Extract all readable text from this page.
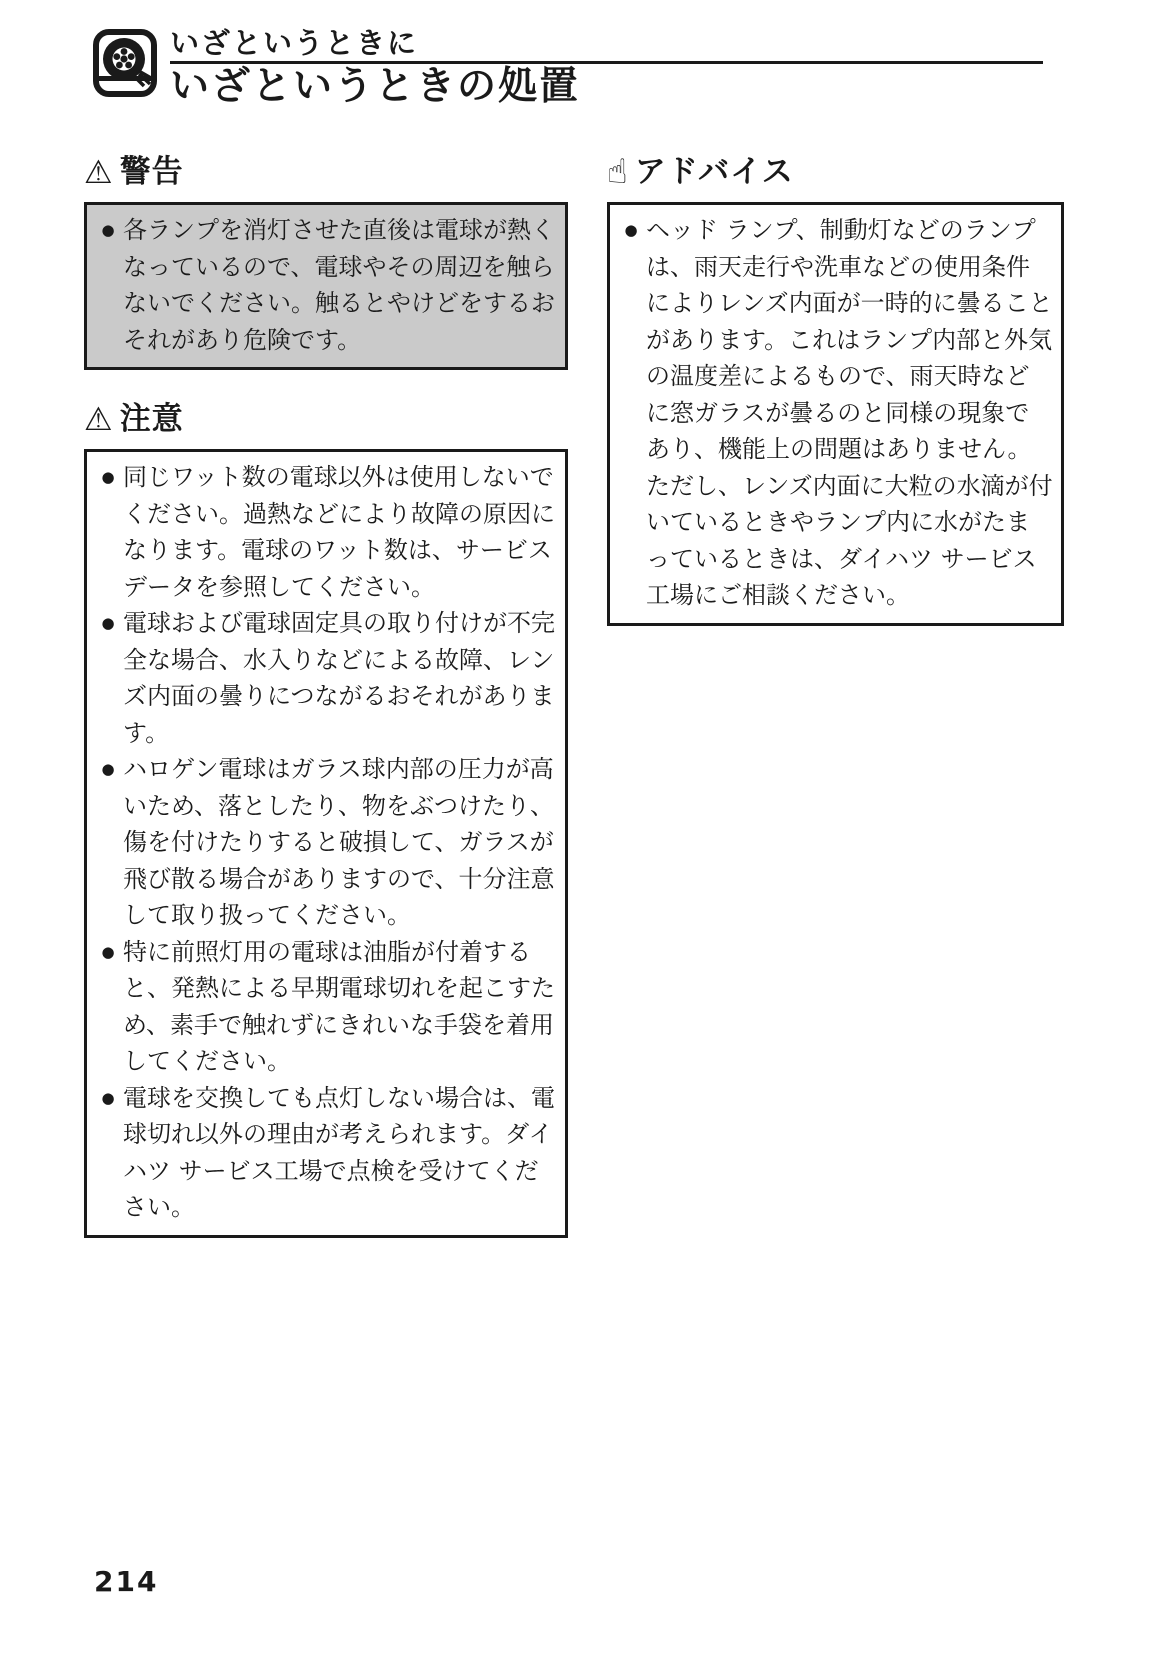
いざというときに
いざというときの処置
⚠ 警告
● 各ランプを消灯させた直後は電球が熱くなっているので、電球やその周辺を触らないでください。触るとやけどをするおそれがあり危険です。
⚠ 注意
● 同じワット数の電球以外は使用しないでください。過熱などにより故障の原因になります。電球のワット数は、サービス データを参照してください。
● 電球および電球固定具の取り付けが不完全な場合、水入りなどによる故障、レンズ内面の曇りにつながるおそれがあります。
● ハロゲン電球はガラス球内部の圧力が高いため、落としたり、物をぶつけたり、傷を付けたりすると破損して、ガラスが飛び散る場合がありますので、十分注意して取り扱ってください。
● 特に前照灯用の電球は油脂が付着すると、発熱による早期電球切れを起こすため、素手で触れずにきれいな手袋を着用してください。
● 電球を交換しても点灯しない場合は、電球切れ以外の理由が考えられます。ダイハツ サービス工場で点検を受けてください。
☝ アドバイス
● ヘッド ランプ、制動灯などのランプは、雨天走行や洗車などの使用条件によりレンズ内面が一時的に曇ることがあります。これはランプ内部と外気の温度差によるもので、雨天時などに窓ガラスが曇るのと同様の現象であり、機能上の問題はありません。
ただし、レンズ内面に大粒の水滴が付いているときやランプ内に水がたまっているときは、ダイハツ サービス工場にご相談ください。
214
